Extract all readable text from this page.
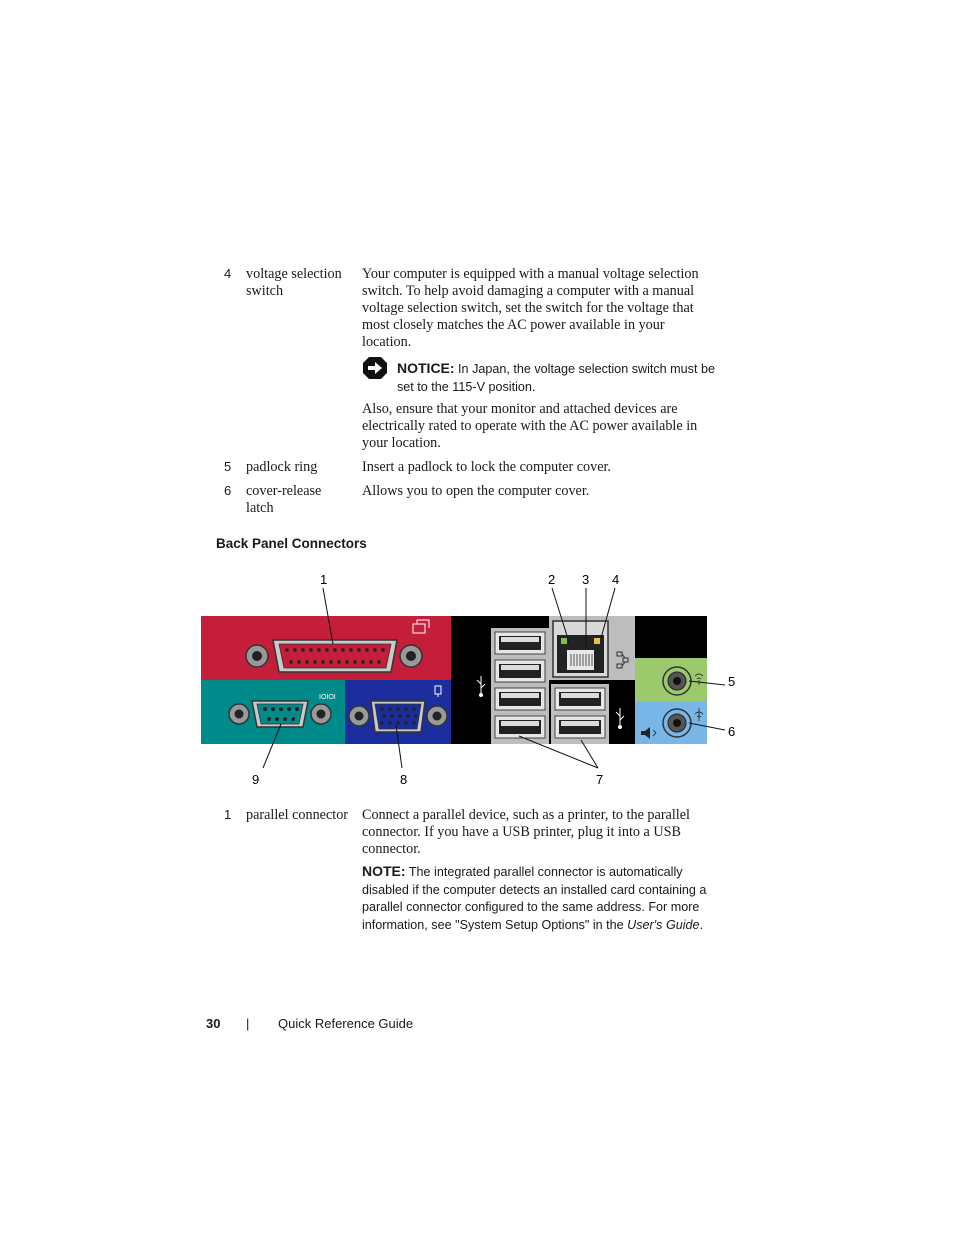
4 voltage selection switch
Your computer is equipped with a manual voltage selection switch. To help avoid damaging a computer with a manual voltage selection switch, set the switch for the voltage that most closely matches the AC power available in your location.
NOTICE: In Japan, the voltage selection switch must be set to the 115-V position.
Also, ensure that your monitor and attached devices are electrically rated to operate with the AC power available in your location.
5 padlock ring	Insert a padlock to lock the computer cover.
6 cover-release latch
Allows you to open the computer cover.
Back Panel Connectors
IOIOI
1	2 3 4
5
6
7
8
9
1 parallel connector Connect a parallel device, such as a printer, to the parallel connector. If you have a USB printer, plug it into a USB connector.
NOTE: The integrated parallel connector is automatically disabled if the computer detects an installed card containing a parallel connector configured to the same address. For more information, see "System Setup Options" in the User's Guide.
30 | Quick Reference Guide
